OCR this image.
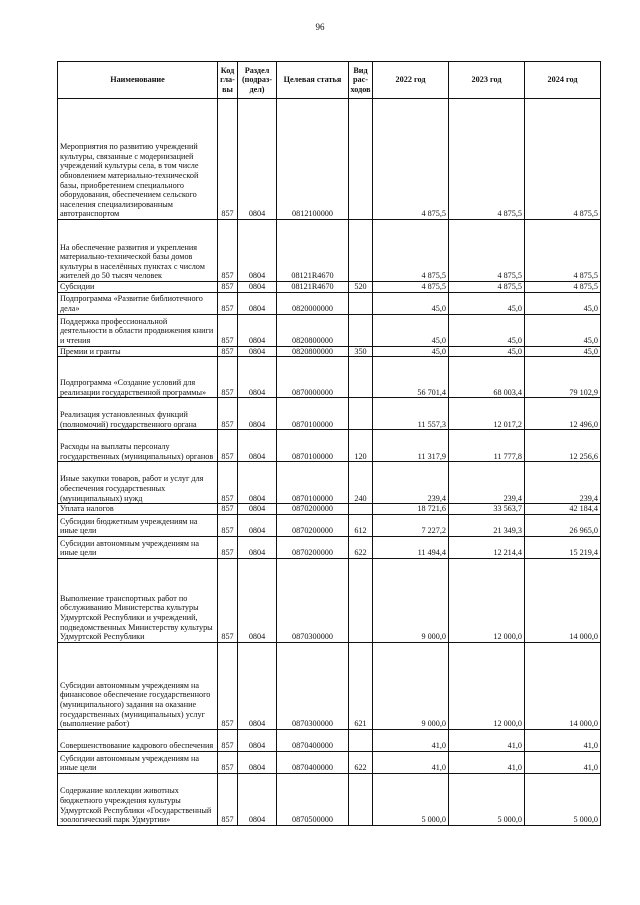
96
Наименование	Код гла-вы	Раздел (подраз-дел)	Целевая статья	Вид рас-ходов	2022 год	2023 год	2024 год
Мероприятия по развитию учреждений культуры, связанные с модернизацией учреждений культуры села, в том числе обновлением материально-технической базы, приобретением специального оборудования, обеспечением сельского населения специализированным автотранспортом	857	0804	0812100000		4 875,5	4 875,5	4 875,5
На обеспечение развития и укрепления материально-технической базы домов культуры в населённых пунктах с числом жителей до 50 тысяч человек	857	0804	08121R4670		4 875,5	4 875,5	4 875,5
Субсидии	857	0804	08121R4670	520	4 875,5	4 875,5	4 875,5
Подпрограмма «Развитие библиотечного дела»	857	0804	0820000000		45,0	45,0	45,0
Поддержка профессиональной деятельности в области продвижения книги и чтения	857	0804	0820800000		45,0	45,0	45,0
Премии и гранты	857	0804	0820800000	350	45,0	45,0	45,0
Подпрограмма «Создание условий для реализации государственной программы»	857	0804	0870000000		56 701,4	68 003,4	79 102,9
Реализация установленных функций (полномочий) государственного органа	857	0804	0870100000		11 557,3	12 017,2	12 496,0
Расходы на выплаты персоналу государственных (муниципальных) органов	857	0804	0870100000	120	11 317,9	11 777,8	12 256,6
Иные закупки товаров, работ и услуг для обеспечения государственных (муниципальных) нужд	857	0804	0870100000	240	239,4	239,4	239,4
Уплата налогов	857	0804	0870200000		18 721,6	33 563,7	42 184,4
Субсидии бюджетным учреждениям на иные цели	857	0804	0870200000	612	7 227,2	21 349,3	26 965,0
Субсидии автономным учреждениям на иные цели	857	0804	0870200000	622	11 494,4	12 214,4	15 219,4
Выполнение транспортных работ по обслуживанию Министерства культуры Удмуртской Республики и учреждений, подведомственных Министерству культуры Удмуртской Республики	857	0804	0870300000		9 000,0	12 000,0	14 000,0
Субсидии автономным учреждениям на финансовое обеспечение государственного (муниципального) задания на оказание государственных (муниципальных) услуг (выполнение работ)	857	0804	0870300000	621	9 000,0	12 000,0	14 000,0
Совершенствование кадрового обеспечения	857	0804	0870400000		41,0	41,0	41,0
Субсидии автономным учреждениям на иные цели	857	0804	0870400000	622	41,0	41,0	41,0
Содержание коллекции животных бюджетного учреждения культуры Удмуртской Республики «Государственный зоологический парк Удмуртии»	857	0804	0870500000		5 000,0	5 000,0	5 000,0
